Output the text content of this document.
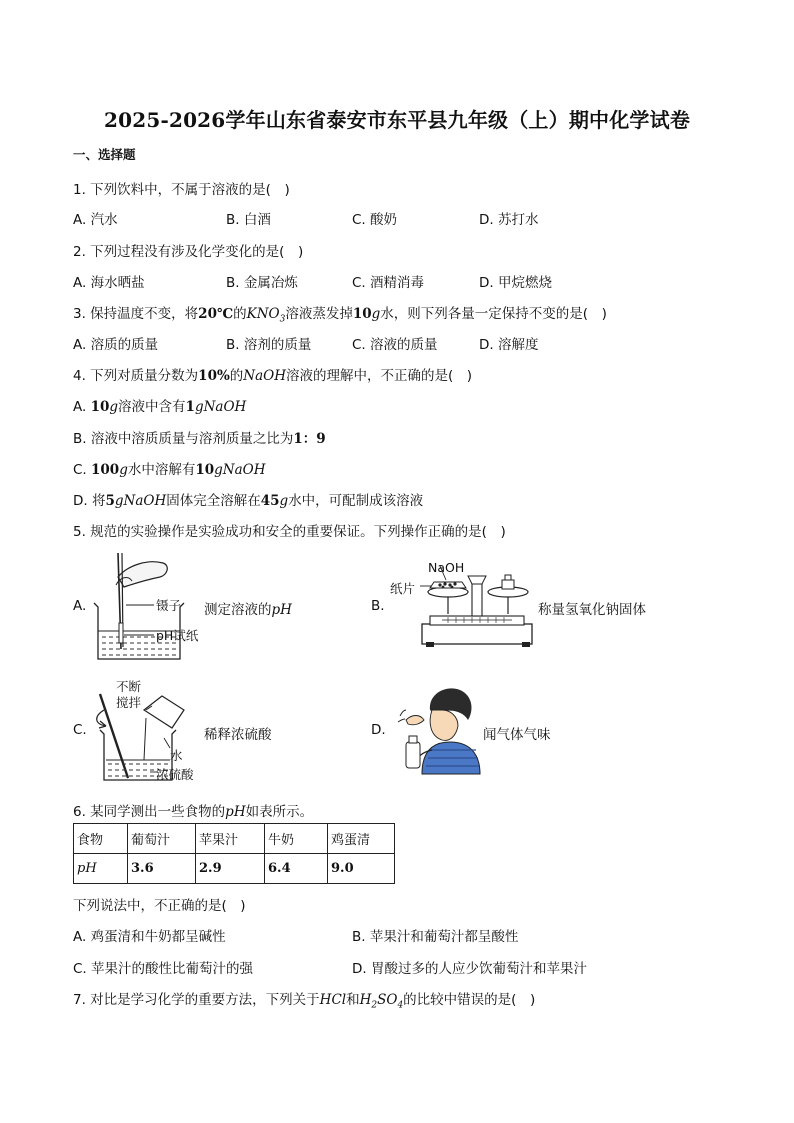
2025-2026学年山东省泰安市东平县九年级（上）期中化学试卷
一、选择题
1. 下列饮料中，不属于溶液的是(　)
A. 汽水	B. 白酒	C. 酸奶	D. 苏打水
2. 下列过程没有涉及化学变化的是(　)
A. 海水晒盐	B. 金属冶炼	C. 酒精消毒	D. 甲烷燃烧
3. 保持温度不变，将20℃的$KNO_3$溶液蒸发掉10g水，则下列各量一定保持不变的是(　)
A. 溶质的质量	B. 溶剂的质量	C. 溶液的质量	D. 溶解度
4. 下列对质量分数为10%的NaOH溶液的理解中，不正确的是(　)
A. 10g溶液中含有1gNaOH
B. 溶液中溶质质量与溶剂质量之比为1：9
C. 100g水中溶解有10gNaOH
D. 将5gNaOH固体完全溶解在45g水中，可配制成该溶液
5. 规范的实验操作是实验成功和安全的重要保证。下列操作正确的是(　)
A.	镊子
pH试纸
测定溶液的pH	B.
NaOH
纸片
称量氢氧化钠固体
C.
不断
搅拌
水
浓硫酸
稀释浓硫酸	D.	闻气体气味
6. 某同学测出一些食物的pH如表所示。
食物	葡萄汁	苹果汁	牛奶	鸡蛋清
pH	3.6	2.9	6.4	9.0
下列说法中，不正确的是(　)
A. 鸡蛋清和牛奶都呈碱性	B. 苹果汁和葡萄汁都呈酸性
C. 苹果汁的酸性比葡萄汁的强	D. 胃酸过多的人应少饮葡萄汁和苹果汁
7. 对比是学习化学的重要方法，下列关于HCl和$H_2SO_4$的比较中错误的是(　)
